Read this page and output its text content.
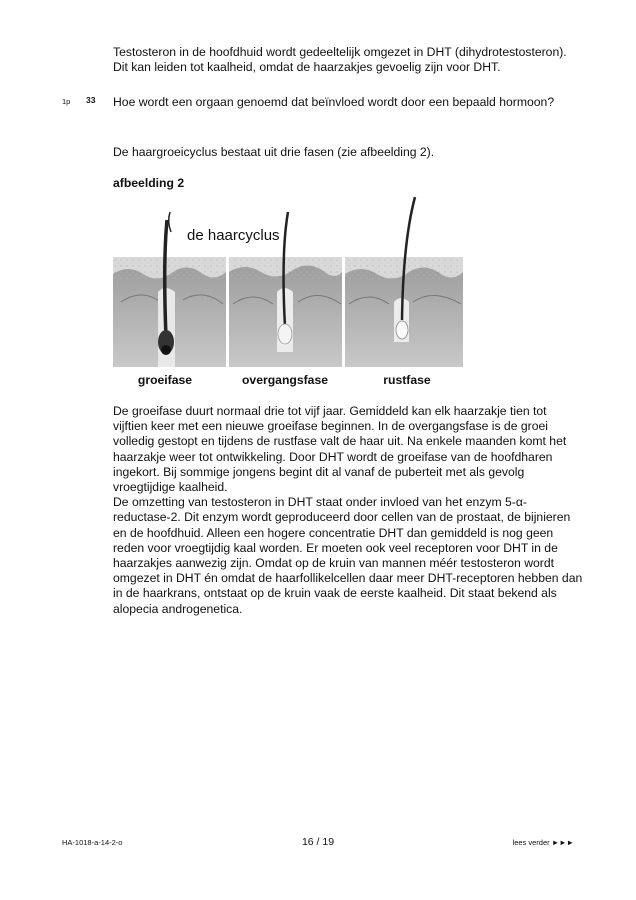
Testosteron in de hoofdhuid wordt gedeeltelijk omgezet in DHT (dihydrotestosteron). Dit kan leiden tot kaalheid, omdat de haarzakjes gevoelig zijn voor DHT.
1p 33 Hoe wordt een orgaan genoemd dat beïnvloed wordt door een bepaald hormoon?
De haargroeicyclus bestaat uit drie fasen (zie afbeelding 2).
afbeelding 2
de haarcyclus
groeifase	overgangsfase	rustfase
De groeifase duurt normaal drie tot vijf jaar. Gemiddeld kan elk haarzakje tien tot vijftien keer met een nieuwe groeifase beginnen. In de overgangsfase is de groei volledig gestopt en tijdens de rustfase valt de haar uit. Na enkele maanden komt het haarzakje weer tot ontwikkeling. Door DHT wordt de groeifase van de hoofdharen ingekort. Bij sommige jongens begint dit al vanaf de puberteit met als gevolg vroegtijdige kaalheid.
De omzetting van testosteron in DHT staat onder invloed van het enzym 5-α-reductase-2. Dit enzym wordt geproduceerd door cellen van de prostaat, de bijnieren en de hoofdhuid. Alleen een hogere concentratie DHT dan gemiddeld is nog geen reden voor vroegtijdig kaal worden. Er moeten ook veel receptoren voor DHT in de haarzakjes aanwezig zijn. Omdat op de kruin van mannen méér testosteron wordt omgezet in DHT én omdat de haarfollikelcellen daar meer DHT-receptoren hebben dan in de haarkrans, ontstaat op de kruin vaak de eerste kaalheid. Dit staat bekend als alopecia androgenetica.
HA-1018-a-14-2-o	16 / 19	lees verder ►►►
